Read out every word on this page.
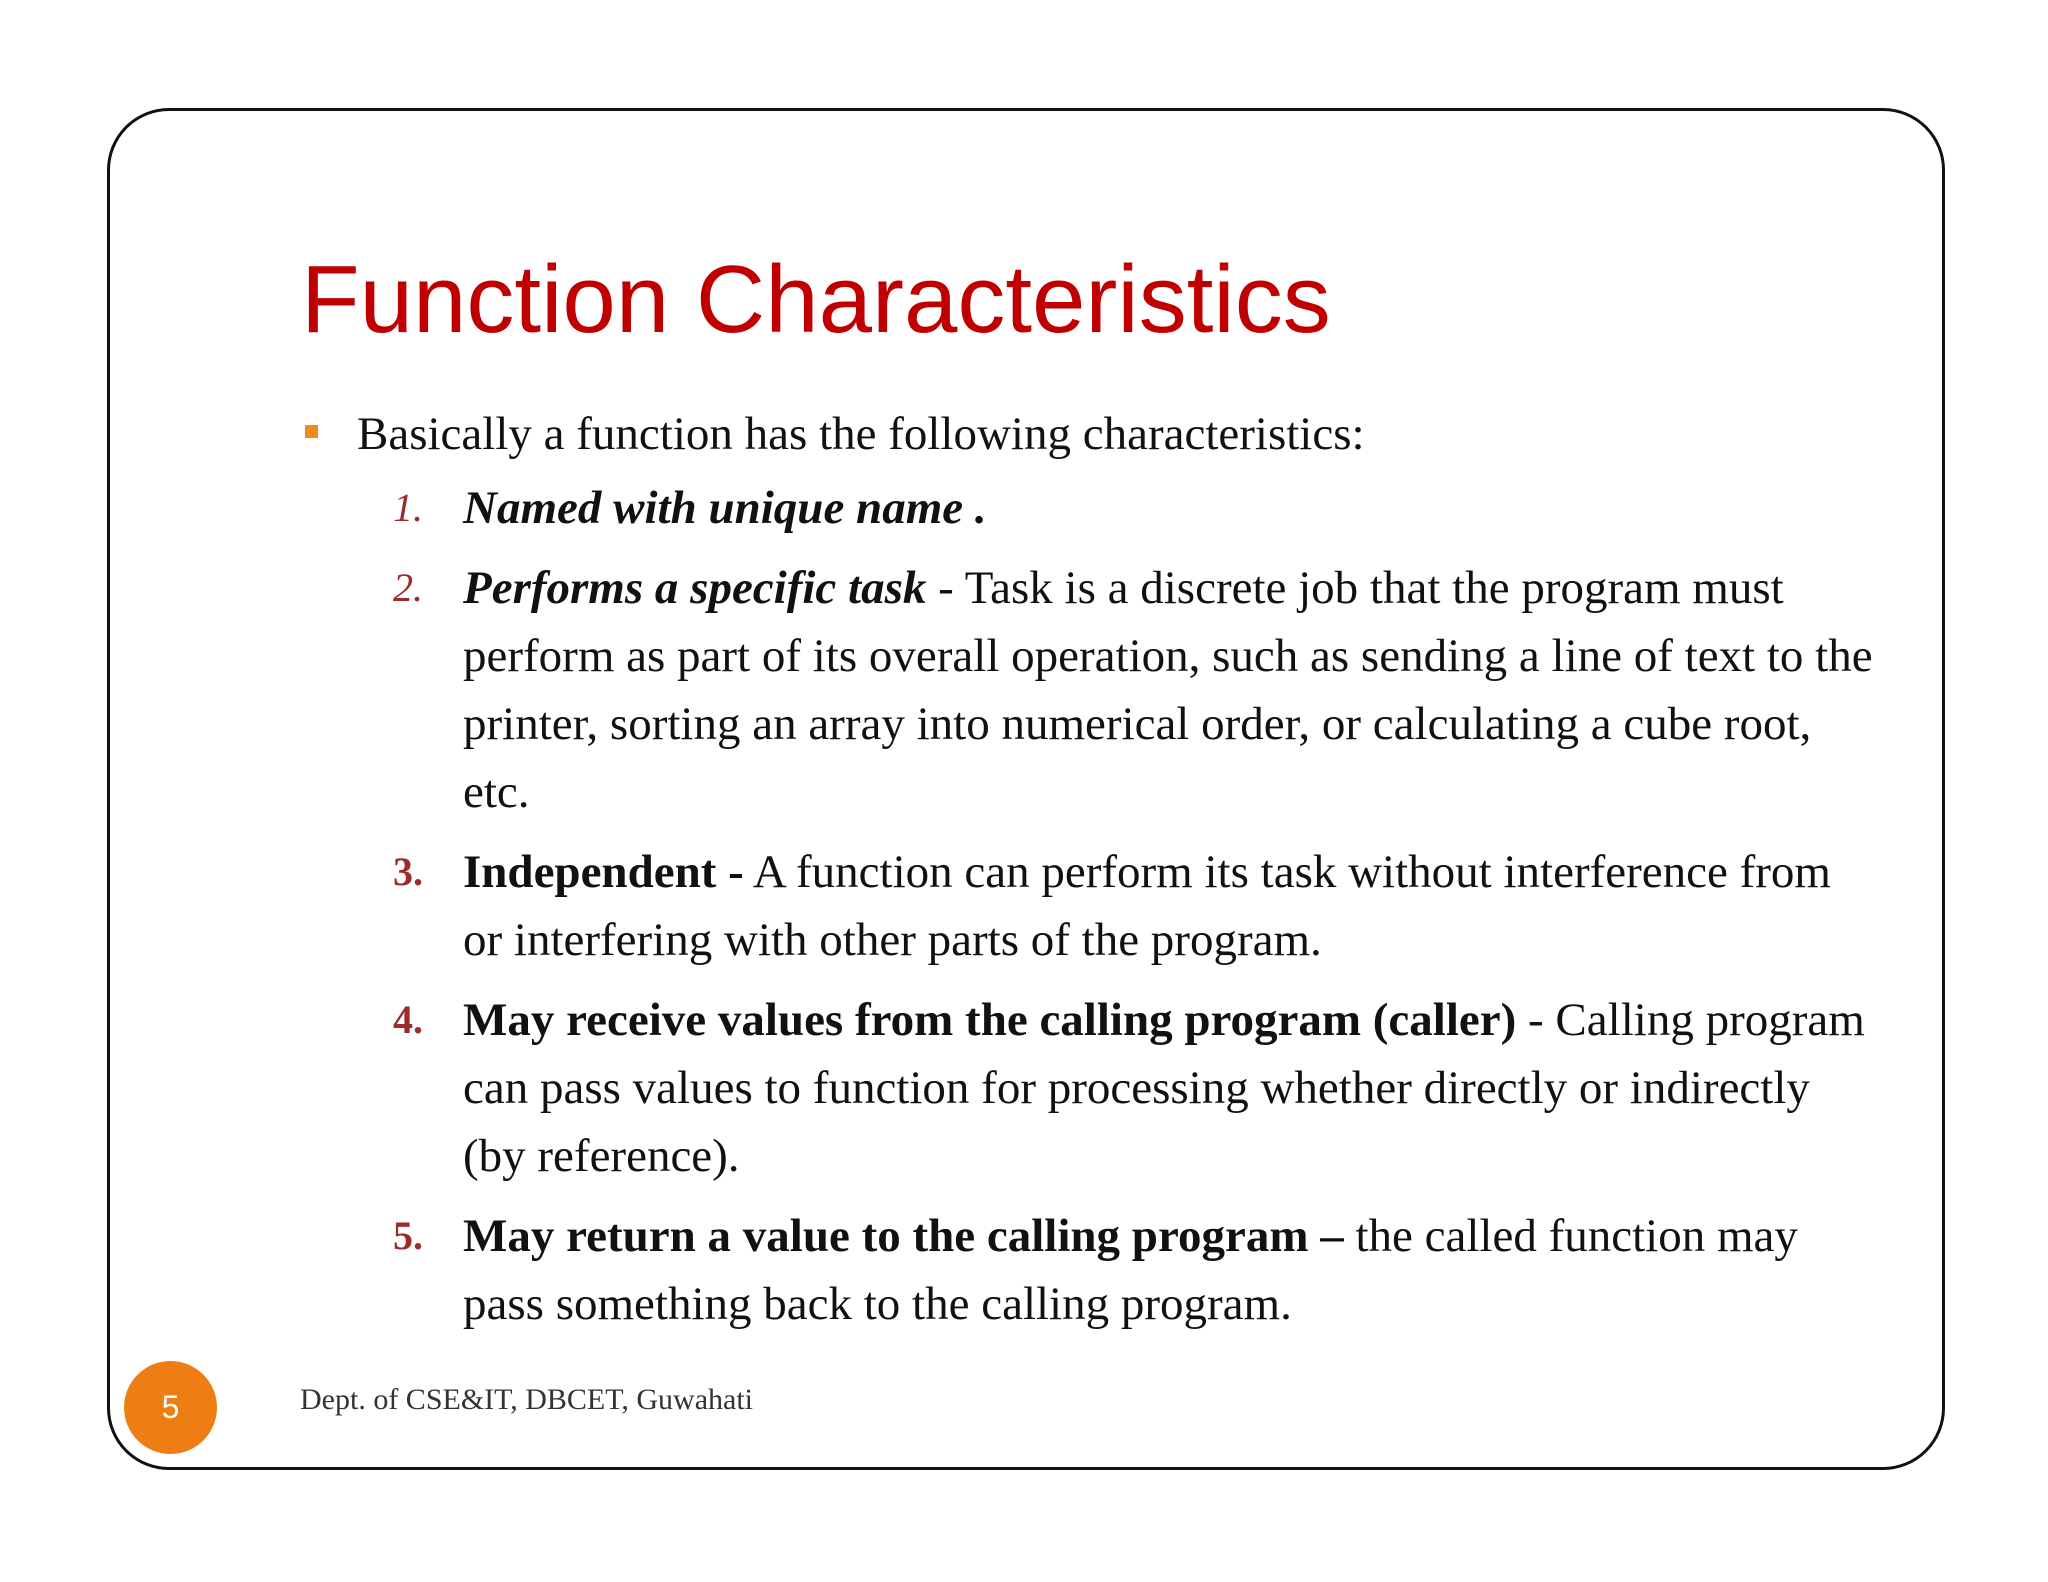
Function Characteristics
Basically a function has the following characteristics:
1. Named with unique name .
2. Performs a specific task - Task is a discrete job that the program must perform as part of its overall operation, such as sending a line of text to the printer, sorting an array into numerical order, or calculating a cube root, etc.
3. Independent - A function can perform its task without interference from or interfering with other parts of the program.
4. May receive values from the calling program (caller) - Calling program can pass values to function for processing whether directly or indirectly (by reference).
5. May return a value to the calling program – the called function may pass something back to the calling program.
5	Dept. of CSE&IT, DBCET, Guwahati
